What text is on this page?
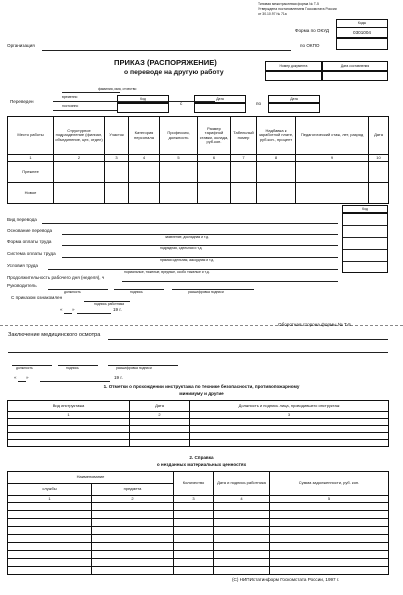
Типовая межотраслевая форма № Т-5
Утверждена постановлением Госкомстата России
от 30.10.97 № 71а
Коды
Форма по ОКУД	0301004
Организация	по ОКПО
ПРИКАЗ (РАСПОРЯЖЕНИЕ)
о переводе на другую работу
Номер документа	Дата составления
фамилия, имя, отчество
Переведен
временно
постоянно
Код
с
Дата
по
Дата
Место работы	Структурное подразделение (филиал, объединение, цех, отдел)	Участок	Категория персонала	Профессия, должность	Размер тарифной ставки, оклада, руб.коп.	Табельный номер	Надбавка к заработной плате, руб.коп., процент	Педагогический стаж, лет, разряд	Дата
1	2	3	4	5	6	7	8	9	10
Прежнее									
Новое									
Код
Вид перевода
Основание перевода
заявление, докладная и т.д.
Форма оплаты труда
подрядная, сдельная и т.д.
Система оплаты труда
прямая сдельная, аккордная и т.д.
Условия труда
нормальные, тяжелые, вредные, особо тяжелые и т.д.
Продолжительность рабочего дня (неделя), ч
Руководитель
должность	подпись	расшифровка подписи
С приказом ознакомлен
подпись работника
« »	19 г.
Оборотная сторона формы № Т-5
Заключение медицинского осмотра
должность	подпись	расшифровка подписи
« »	19 г.
1. Отметки о прохождении инструктажа по технике безопасности, противопожарному
минимуму и другие
Вид инструктажа	Дата	Должность и подпись лица, проводившего инструктаж
1	2	3

2. Справка
о незданных материальных ценностях
Наименование		Количество	Дата и подпись работника	Сумма задолженности, руб. коп.
службы	предмета			
1	2	3	4	5

(С) НИПИстатинформ Госкомстата России, 1997 г.
